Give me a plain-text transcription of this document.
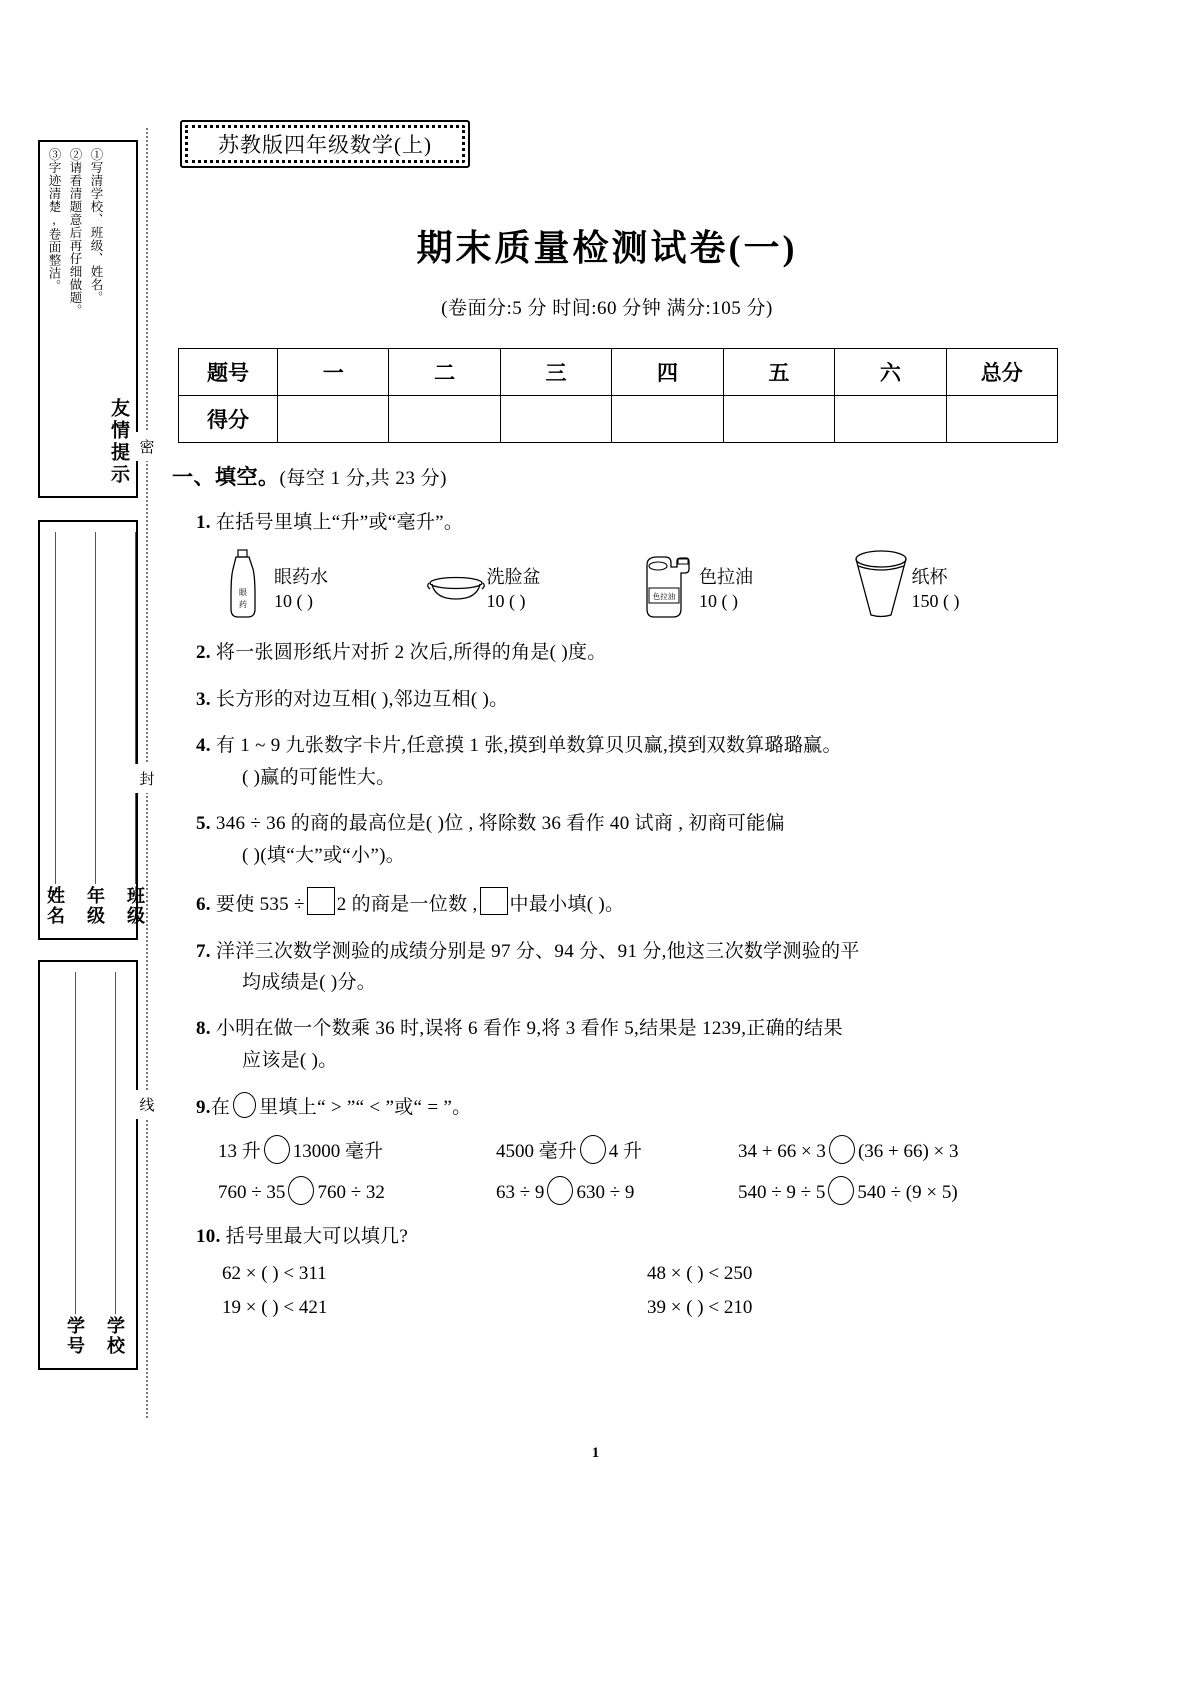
友情提示
①写清学校、班级、姓名。
②请看清题意后再仔细做题。
③字迹清楚,卷面整洁。
班级
年级
姓名
学校
学号
密
封
线
苏教版四年级数学(上)
期末质量检测试卷(一)
(卷面分:5 分 时间:60 分钟 满分:105 分)
题号	一	二	三	四	五	六	总分
得分							
一、填空。(每空 1 分,共 23 分)
1. 在括号里填上“升”或“毫升”。
眼
药
眼药水
10 ( )
洗脸盆
10 ( )	色拉油
色拉油
10 ( )
纸杯
150 ( )
2. 将一张圆形纸片对折 2 次后,所得的角是( )度。
3. 长方形的对边互相( ),邻边互相( )。
4. 有 1 ~ 9 九张数字卡片,任意摸 1 张,摸到单数算贝贝赢,摸到双数算璐璐赢。
( )赢的可能性大。
5. 346 ÷ 36 的商的最高位是( )位 , 将除数 36 看作 40 试商 , 初商可能偏
( )(填“大”或“小”)。
6. 要使 535 ÷ 2 的商是一位数 , 中最小填( )。
7. 洋洋三次数学测验的成绩分别是 97 分、94 分、91 分,他这三次数学测验的平
均成绩是( )分。
8. 小明在做一个数乘 36 时,误将 6 看作 9,将 3 看作 5,结果是 1239,正确的结果
应该是( )。
9.在 里填上“ > ”“ < ”或“ = ”。
13 升 13000 毫升	4500 毫升 4 升	34 + 66 × 3 (36 + 66) × 3
760 ÷ 35 760 ÷ 32	63 ÷ 9 630 ÷ 9	540 ÷ 9 ÷ 5 540 ÷ (9 × 5)
10. 括号里最大可以填几?
62 × ( ) < 311	48 × ( ) < 250
19 × ( ) < 421	39 × ( ) < 210
1
